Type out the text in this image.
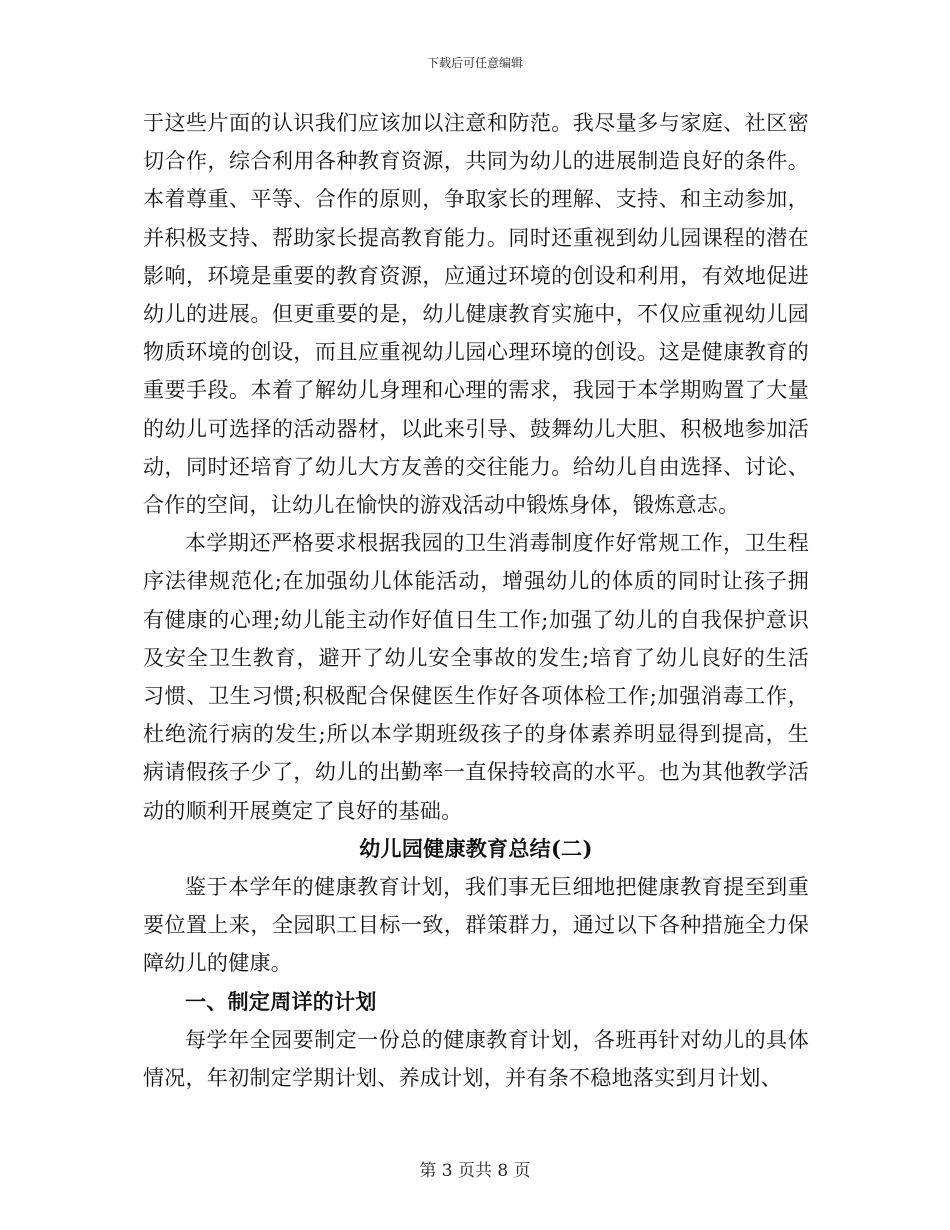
下载后可任意编辑

于这些片面的认识我们应该加以注意和防范。我尽量多与家庭、社区密切合作，综合利用各种教育资源，共同为幼儿的进展制造良好的条件。本着尊重、平等、合作的原则，争取家长的理解、支持、和主动参加，并积极支持、帮助家长提高教育能力。同时还重视到幼儿园课程的潜在影响，环境是重要的教育资源，应通过环境的创设和利用，有效地促进幼儿的进展。但更重要的是，幼儿健康教育实施中，不仅应重视幼儿园物质环境的创设，而且应重视幼儿园心理环境的创设。这是健康教育的重要手段。本着了解幼儿身理和心理的需求，我园于本学期购置了大量的幼儿可选择的活动器材，以此来引导、鼓舞幼儿大胆、积极地参加活动，同时还培育了幼儿大方友善的交往能力。给幼儿自由选择、讨论、合作的空间，让幼儿在愉快的游戏活动中锻炼身体，锻炼意志。

本学期还严格要求根据我园的卫生消毒制度作好常规工作，卫生程序法律规范化;在加强幼儿体能活动，增强幼儿的体质的同时让孩子拥有健康的心理;幼儿能主动作好值日生工作;加强了幼儿的自我保护意识及安全卫生教育，避开了幼儿安全事故的发生;培育了幼儿良好的生活习惯、卫生习惯;积极配合保健医生作好各项体检工作;加强消毒工作，杜绝流行病的发生;所以本学期班级孩子的身体素养明显得到提高，生病请假孩子少了，幼儿的出勤率一直保持较高的水平。也为其他教学活动的顺利开展奠定了良好的基础。

幼儿园健康教育总结(二)

鉴于本学年的健康教育计划，我们事无巨细地把健康教育提至到重要位置上来，全园职工目标一致，群策群力，通过以下各种措施全力保障幼儿的健康。

一、制定周详的计划

每学年全园要制定一份总的健康教育计划，各班再针对幼儿的具体情况，年初制定学期计划、养成计划，并有条不稳地落实到月计划、

第 3 页共 8 页
